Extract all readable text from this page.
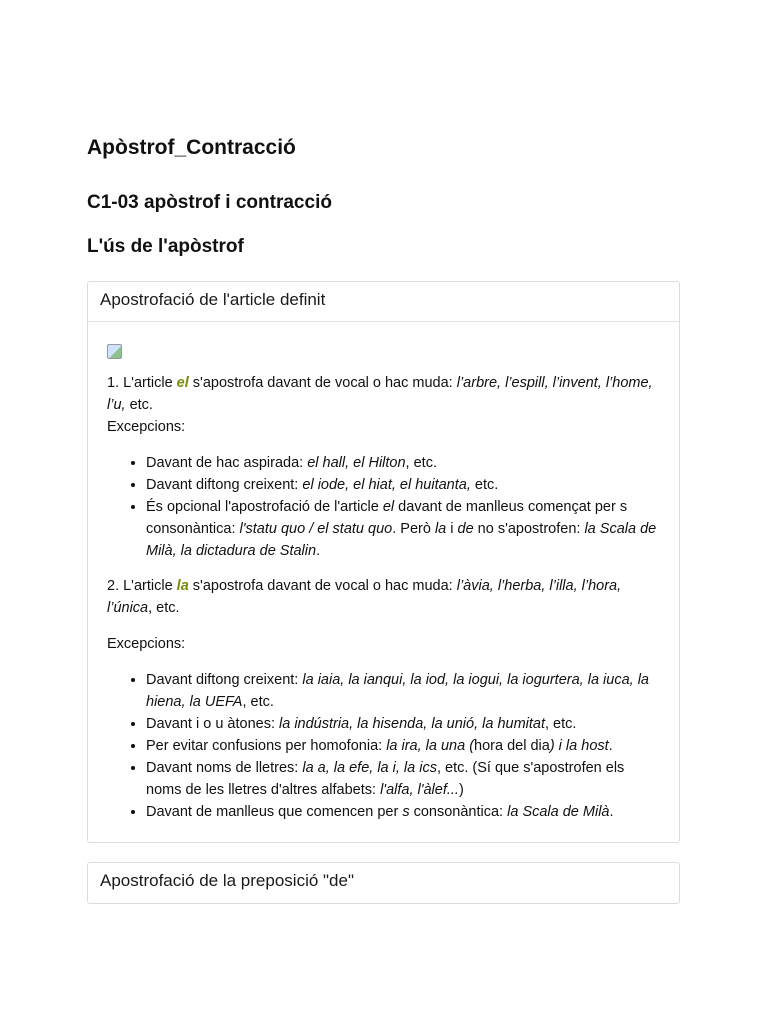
Apòstrof_Contracció
C1-03 apòstrof i contracció
L'ús de l'apòstrof
Apostrofació de l'article definit

1. L'article el s'apostrofa davant de vocal o hac muda: l’arbre, l’espill, l’invent, l’home, l’u, etc.

Excepcions:

• Davant de hac aspirada: el hall, el Hilton, etc.
• Davant diftong creixent: el iode, el hiat, el huitanta, etc.
• És opcional l'apostrofació de l'article el davant de manlleus començat per s consonàntica: l'statu quo / el statu quo. Però la i de no s'apostrofen: la Scala de Milà, la dictadura de Stalin.

2. L'article la s'apostrofa davant de vocal o hac muda: l’àvia, l’herba, l’illa, l’hora, l’única, etc.

Excepcions:

• Davant diftong creixent: la iaia, la ianqui, la iod, la iogui, la iogurtera, la iuca, la hiena, la UEFA, etc.
• Davant i o u àtones: la indústria, la hisenda, la unió, la humitat, etc.
• Per evitar confusions per homofonia: la ira, la una (hora del dia) i la host.
• Davant noms de lletres: la a, la efe, la i, la ics, etc. (Sí que s'apostrofen els noms de les lletres d'altres alfabets: l'alfa, l'àlef...)
• Davant de manlleus que comencen per s consonàntica: la Scala de Milà.
Apostrofació de la preposició "de"
